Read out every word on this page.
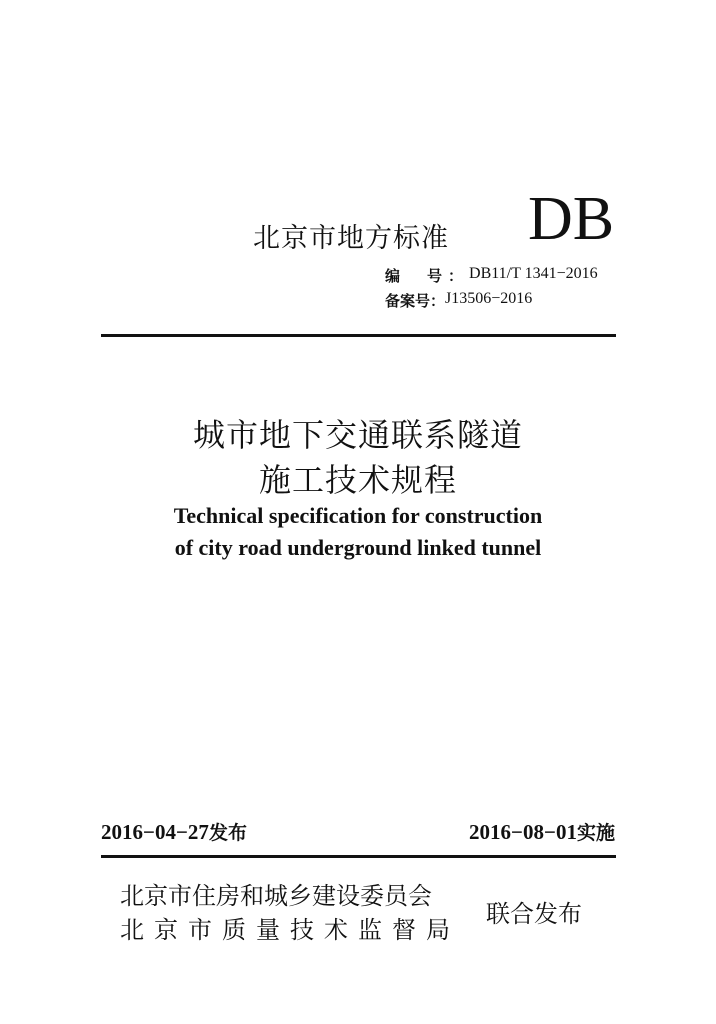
北京市地方标准 DB
编　号： DB11/T 1341−2016
备案号： J13506−2016
城市地下交通联系隧道
施工技术规程
Technical specification for construction
of city road underground linked tunnel
2016−04−27发布	2016−08−01实施
北京市住房和城乡建设委员会
北京市质量技术监督局
联合发布
